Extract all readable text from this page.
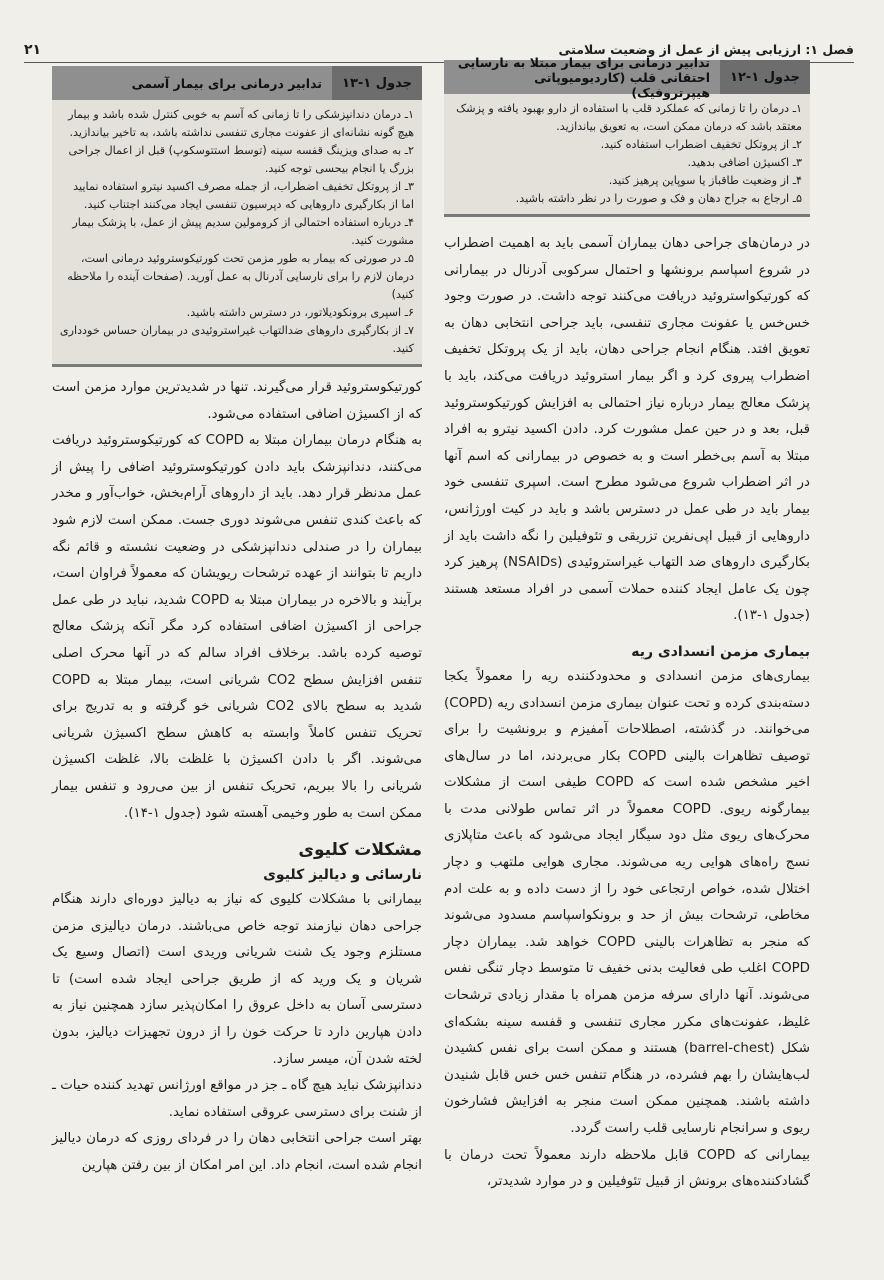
۲۱	فصل ۱: ارزیابی پیش از عمل از وضعیت سلامتی
جدول ۱-۱۲
تدابیر درمانی برای بیمار مبتلا به نارسایی احتقانی قلب (کاردیومیوپاتی هیپرتروفیک)
۱ـ درمان را تا زمانی که عملکرد قلب با استفاده از دارو بهبود یافته و پزشک معتقد باشد که درمان ممکن است، به تعویق بیاندازید.
۲ـ از پروتکل تخفیف اضطراب استفاده کنید.
۳ـ اکسیژن اضافی بدهید.
۴ـ از وضعیت طاقباز یا سوپاین پرهیز کنید.
۵ـ ارجاع به جراح دهان و فک و صورت را در نظر داشته باشید.

در درمان‌های جراحی دهان بیماران آسمی باید به اهمیت اضطراب در شروع اسپاسم برونشها و احتمال سرکوبی آدرنال در بیمارانی که کورتیکواستروئید دریافت می‌کنند توجه داشت. در صورت وجود خس‌خس یا عفونت مجاری تنفسی، باید جراحی انتخابی دهان به تعویق افتد. هنگام انجام جراحی دهان، باید از یک پروتکل تخفیف اضطراب پیروی کرد و اگر بیمار استروئید دریافت می‌کند، باید با پزشک معالج بیمار درباره نیاز احتمالی به افزایش کورتیکوستروئید قبل، بعد و در حین عمل مشورت کرد. دادن اکسید نیترو به افراد مبتلا به آسم بی‌خطر است و به خصوص در بیمارانی که اسم آنها در اثر اضطراب شروع می‌شود مطرح است. اسپری تنفسی خود بیمار باید در طی عمل در دسترس باشد و باید در کیت اورژانس، داروهایی از قبیل اپی‌نفرین تزریقی و تئوفیلین را نگه داشت باید از بکارگیری داروهای ضد التهاب غیراستروئیدی (NSAIDs) پرهیز کرد چون یک عامل ایجاد کننده حملات آسمی در افراد مستعد هستند (جدول ۱-۱۳).

بیماری مزمن انسدادی ریه

بیماری‌های مزمن انسدادی و محدودکننده ریه را معمولاً یکجا دسته‌بندی کرده و تحت عنوان بیماری مزمن انسدادی ریه (COPD) می‌خوانند. در گذشته، اصطلاحات آمفیزم و برونشیت را برای توصیف تظاهرات بالینی COPD بکار می‌بردند، اما در سال‌های اخیر مشخص شده است که COPD طیفی است از مشکلات بیمارگونه ریوی. COPD معمولاً در اثر تماس طولانی مدت با محرک‌های ریوی مثل دود سیگار ایجاد می‌شود که باعث متاپلازی نسج راه‌های هوایی ریه می‌شوند. مجاری هوایی ملتهب و دچار اختلال شده، خواص ارتجاعی خود را از دست داده و به علت ادم مخاطی، ترشحات بیش از حد و برونکواسپاسم مسدود می‌شوند که منجر به تظاهرات بالینی COPD خواهد شد. بیماران دچار COPD اغلب طی فعالیت بدنی خفیف تا متوسط دچار تنگی نفس می‌شوند. آنها دارای سرفه مزمن همراه با مقدار زیادی ترشحات غلیظ، عفونت‌های مکرر مجاری تنفسی و قفسه سینه بشکه‌ای شکل (barrel-chest) هستند و ممکن است برای نفس کشیدن لب‌هایشان را بهم فشرده، در هنگام تنفس خس خس قابل شنیدن داشته باشند. همچنین ممکن است منجر به افزایش فشارخون ریوی و سرانجام نارسایی قلب راست گردد.

بیمارانی که COPD قابل ملاحظه دارند معمولاً تحت درمان با گشادکننده‌های برونش از قبیل تئوفیلین و در موارد شدیدتر،

جدول ۱-۱۳
تدابیر درمانی برای بیمار آسمی
۱ـ درمان دندانپزشکی را تا زمانی که آسم به خوبی کنترل شده باشد و بیمار هیچ گونه نشانه‌ای از عفونت مجاری تنفسی نداشته باشد، به تاخیر بیاندازید.
۲ـ به صدای ویزینگ قفسه سینه (توسط استتوسکوپ) قبل از اعمال جراحی بزرگ یا انجام بیحسی توجه کنید.
۳ـ از پروتکل تخفیف اضطراب، از جمله مصرف اکسید نیترو استفاده نمایید اما از بکارگیری داروهایی که دپرسیون تنفسی ایجاد می‌کنند اجتناب کنید.
۴ـ درباره استفاده احتمالی از کرومولین سدیم پیش از عمل، با پزشک بیمار مشورت کنید.
۵ـ در صورتی که بیمار به طور مزمن تحت کورتیکوستروئید درمانی است، درمان لازم را برای نارسایی آدرنال به عمل آورید. (صفحات آینده را ملاحظه کنید)
۶ـ اسپری برونکودیلاتور، در دسترس داشته باشید.
۷ـ از بکارگیری داروهای ضدالتهاب غیراستروئیدی در بیماران حساس خودداری کنید.

کورتیکوستروئید قرار می‌گیرند. تنها در شدیدترین موارد مزمن است که از اکسیژن اضافی استفاده می‌شود.

به هنگام درمان بیماران مبتلا به COPD که کورتیکوستروئید دریافت می‌کنند، دندانپزشک باید دادن کورتیکوستروئید اضافی را پیش از عمل مدنظر قرار دهد. باید از داروهای آرام‌بخش، خواب‌آور و مخدر که باعث کندی تنفس می‌شوند دوری جست. ممکن است لازم شود بیماران را در صندلی دندانپزشکی در وضعیت نشسته و قائم نگه داریم تا بتوانند از عهده ترشحات ریویشان که معمولاً فراوان است، برآیند و بالاخره در بیماران مبتلا به COPD شدید، نباید در طی عمل جراحی از اکسیژن اضافی استفاده کرد مگر آنکه پزشک معالج توصیه کرده باشد. برخلاف افراد سالم که در آنها محرک اصلی تنفس افزایش سطح CO2 شریانی است، بیمار مبتلا به COPD شدید به سطح بالای CO2 شریانی خو گرفته و به تدریج برای تحریک تنفس کاملاً وابسته به کاهش سطح اکسیژن شریانی می‌شوند. اگر با دادن اکسیژن با غلظت بالا، غلظت اکسیژن شریانی را بالا ببریم، تحریک تنفس از بین می‌رود و تنفس بیمار ممکن است به طور وخیمی آهسته شود (جدول ۱-۱۴).

مشکلات کلیوی

نارسائی و دیالیز کلیوی

بیمارانی با مشکلات کلیوی که نیاز به دیالیز دوره‌ای دارند هنگام جراحی دهان نیازمند توجه خاص می‌باشند. درمان دیالیزی مزمن مستلزم وجود یک شنت شریانی وریدی است (اتصال وسیع یک شریان و یک ورید که از طریق جراحی ایجاد شده است) تا دسترسی آسان به داخل عروق را امکان‌پذیر سازد همچنین نیاز به دادن هپارین دارد تا حرکت خون را از درون تجهیزات دیالیز، بدون لخته شدن آن، میسر سازد.

دندانپزشک نباید هیچ گاه ـ جز در مواقع اورژانس تهدید کننده حیات ـ از شنت برای دسترسی عروقی استفاده نماید.

بهتر است جراحی انتخابی دهان را در فردای روزی که درمان دیالیز انجام شده است، انجام داد. این امر امکان از بین رفتن هپارین
